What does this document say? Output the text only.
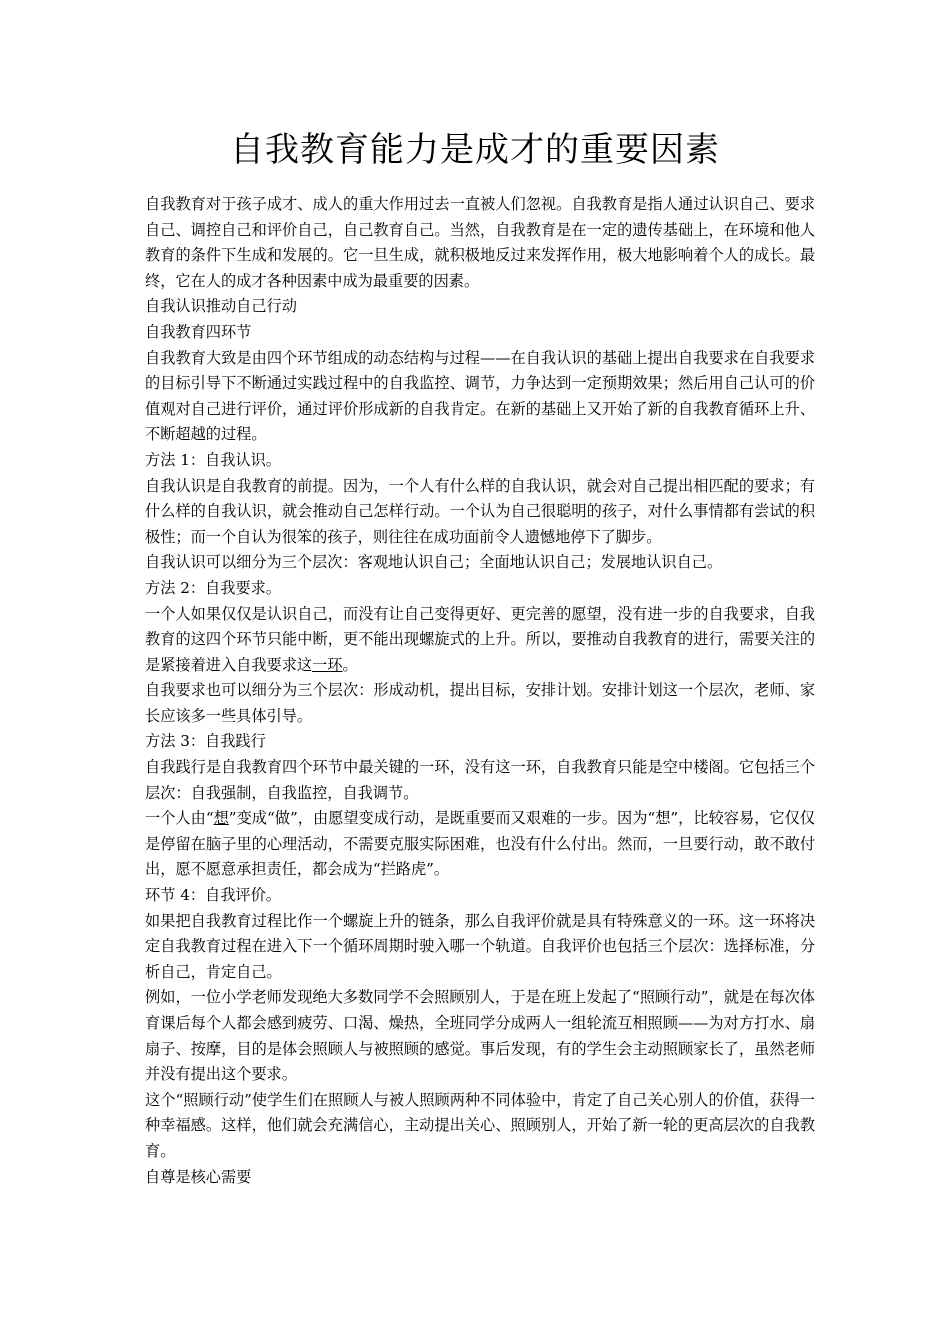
自我教育能力是成才的重要因素

自我教育对于孩子成才、成人的重大作用过去一直被人们忽视。自我教育是指人通过认识自己、要求自己、调控自己和评价自己，自己教育自己。当然，自我教育是在一定的遗传基础上，在环境和他人教育的条件下生成和发展的。它一旦生成，就积极地反过来发挥作用，极大地影响着个人的成长。最终，它在人的成才各种因素中成为最重要的因素。

自我认识推动自己行动

自我教育四环节

自我教育大致是由四个环节组成的动态结构与过程——在自我认识的基础上提出自我要求在自我要求的目标引导下不断通过实践过程中的自我监控、调节，力争达到一定预期效果；然后用自己认可的价值观对自己进行评价，通过评价形成新的自我肯定。在新的基础上又开始了新的自我教育循环上升、不断超越的过程。

方法 1：自我认识。

自我认识是自我教育的前提。因为，一个人有什么样的自我认识，就会对自己提出相匹配的要求；有什么样的自我认识，就会推动自己怎样行动。一个认为自己很聪明的孩子，对什么事情都有尝试的积极性；而一个自认为很笨的孩子，则往往在成功面前令人遗憾地停下了脚步。

自我认识可以细分为三个层次：客观地认识自己；全面地认识自己；发展地认识自己。

方法 2：自我要求。

一个人如果仅仅是认识自己，而没有让自己变得更好、更完善的愿望，没有进一步的自我要求，自我教育的这四个环节只能中断，更不能出现螺旋式的上升。所以，要推动自我教育的进行，需要关注的是紧接着进入自我要求这一环。

自我要求也可以细分为三个层次：形成动机，提出目标，安排计划。安排计划这一个层次，老师、家长应该多一些具体引导。

方法 3：自我践行

自我践行是自我教育四个环节中最关键的一环，没有这一环，自我教育只能是空中楼阁。它包括三个层次：自我强制，自我监控，自我调节。

一个人由“想”变成“做”，由愿望变成行动，是既重要而又艰难的一步。因为“想”，比较容易，它仅仅是停留在脑子里的心理活动，不需要克服实际困难，也没有什么付出。然而，一旦要行动，敢不敢付出，愿不愿意承担责任，都会成为“拦路虎”。

环节 4：自我评价。

如果把自我教育过程比作一个螺旋上升的链条，那么自我评价就是具有特殊意义的一环。这一环将决定自我教育过程在进入下一个循环周期时驶入哪一个轨道。自我评价也包括三个层次：选择标准，分析自己，肯定自己。

例如，一位小学老师发现绝大多数同学不会照顾别人，于是在班上发起了“照顾行动”，就是在每次体育课后每个人都会感到疲劳、口渴、燥热，全班同学分成两人一组轮流互相照顾——为对方打水、扇扇子、按摩，目的是体会照顾人与被照顾的感觉。事后发现，有的学生会主动照顾家长了，虽然老师并没有提出这个要求。

这个“照顾行动”使学生们在照顾人与被人照顾两种不同体验中，肯定了自己关心别人的价值，获得一种幸福感。这样，他们就会充满信心，主动提出关心、照顾别人，开始了新一轮的更高层次的自我教育。

自尊是核心需要
